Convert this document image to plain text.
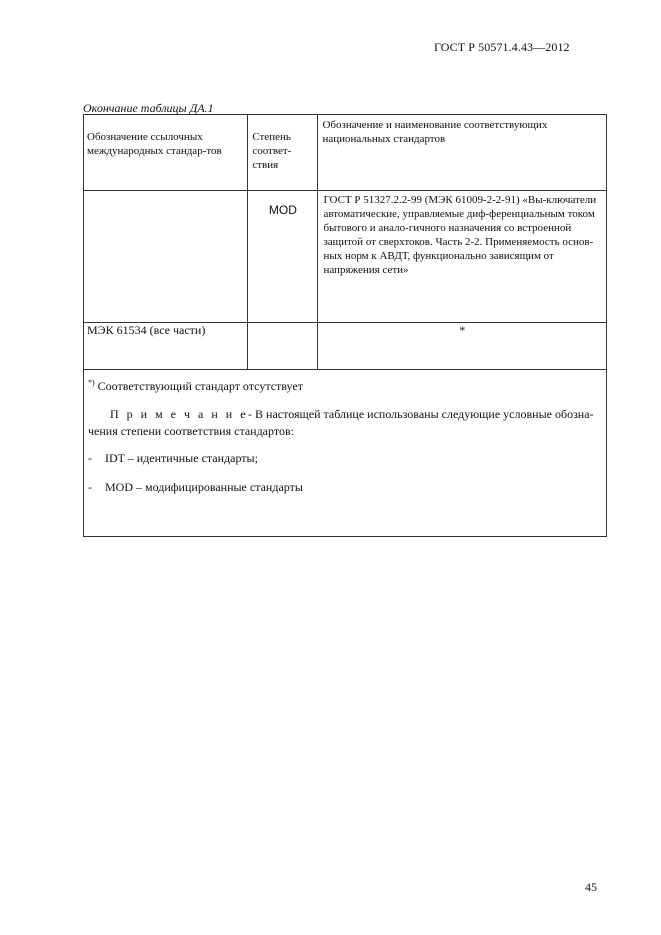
ГОСТ Р 50571.4.43—2012
Окончание таблицы ДА.1
Обозначение ссылочных международных стандар-тов	Степень соответ-ствия	Обозначение и наименование соответствующих национальных стандартов
	MOD	ГОСТ Р 51327.2.2-99 (МЭК 61009-2-2-91) «Вы-ключатели автоматические, управляемые диф-ференциальным током бытового и анало-гичного назначения со встроенной защитой от сверхтоков. Часть 2-2. Применяемость основ-ных норм к АВДТ, функционально зависящим от напряжения сети»
МЭК 61534 (все части)		*

*) Соответствующий стандарт отсутствует
П р и м е ч а н и е- В настоящей таблице использованы следующие условные обозна-чения степени соответствия стандартов:
- IDT – идентичные стандарты;
- MOD – модифицированные стандарты		
45
